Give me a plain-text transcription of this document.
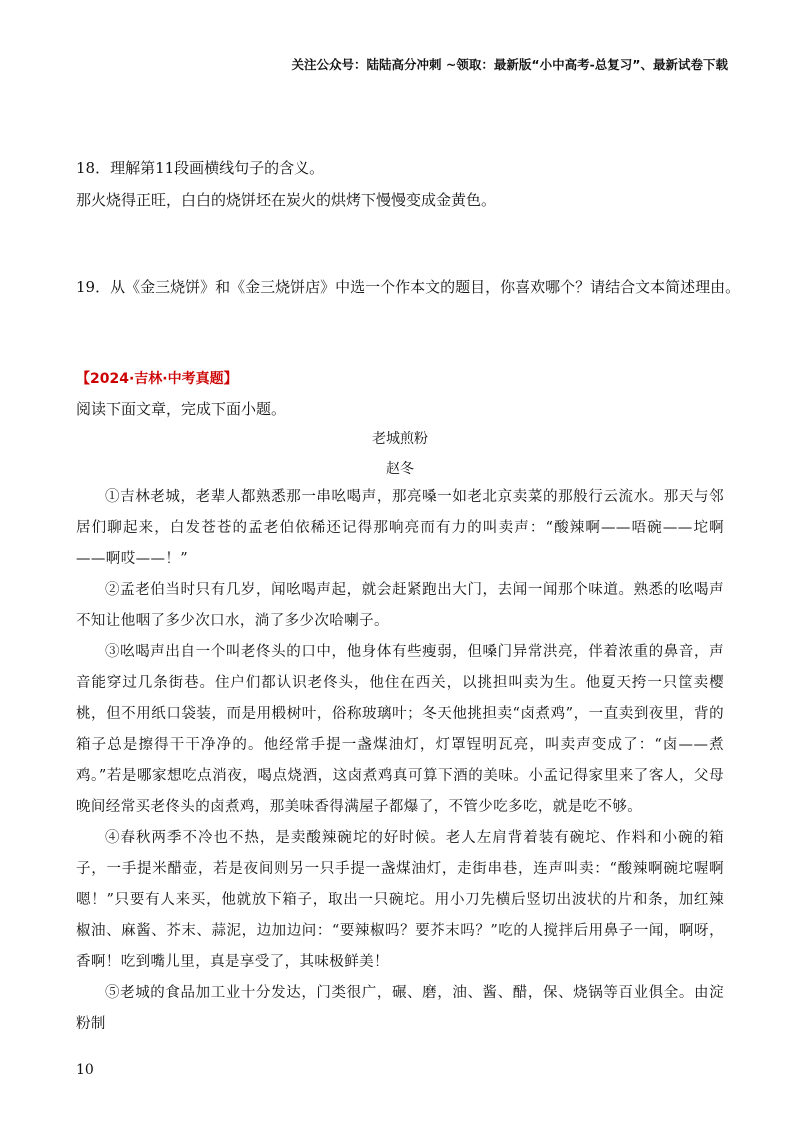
关注公众号：陆陆高分冲刺 ~领取：最新版“小中高考-总复习”、最新试卷下载
18．理解第11段画横线句子的含义。
那火烧得正旺，白白的烧饼坯在炭火的烘烤下慢慢变成金黄色。
19．从《金三烧饼》和《金三烧饼店》中选一个作本文的题目，你喜欢哪个？请结合文本简述理由。
【2024·吉林·中考真题】
阅读下面文章，完成下面小题。
老城煎粉
赵冬

①吉林老城，老辈人都熟悉那一串吆喝声，那亮嗓一如老北京卖菜的那般行云流水。那天与邻居们聊起来，白发苍苍的孟老伯依稀还记得那响亮而有力的叫卖声：“酸辣啊——唔碗——坨啊——啊哎——！”

②孟老伯当时只有几岁，闻吆喝声起，就会赶紧跑出大门，去闻一闻那个味道。熟悉的吆喝声不知让他咽了多少次口水，淌了多少次哈喇子。

③吆喝声出自一个叫老佟头的口中，他身体有些瘦弱，但嗓门异常洪亮，伴着浓重的鼻音，声音能穿过几条街巷。住户们都认识老佟头，他住在西关，以挑担叫卖为生。他夏天挎一只筐卖樱桃，但不用纸口袋装，而是用椴树叶，俗称玻璃叶；冬天他挑担卖“卤煮鸡”，一直卖到夜里，背的箱子总是擦得干干净净的。他经常手提一盏煤油灯，灯罩锃明瓦亮，叫卖声变成了：“卤——煮鸡。”若是哪家想吃点消夜，喝点烧酒，这卤煮鸡真可算下酒的美味。小孟记得家里来了客人，父母晚间经常买老佟头的卤煮鸡，那美味香得满屋子都爆了，不管少吃多吃，就是吃不够。

④春秋两季不冷也不热，是卖酸辣碗坨的好时候。老人左肩背着装有碗坨、作料和小碗的箱子，一手提米醋壶，若是夜间则另一只手提一盏煤油灯，走街串巷，连声叫卖：“酸辣啊碗坨喔啊嗯！”只要有人来买，他就放下箱子，取出一只碗坨。用小刀先横后竖切出波状的片和条，加红辣椒油、麻酱、芥末、蒜泥，边加边问：“要辣椒吗？要芥末吗？”吃的人搅拌后用鼻子一闻，啊呀，香啊！吃到嘴儿里，真是享受了，其味极鲜美！

⑤老城的食品加工业十分发达，门类很广，碾、磨，油、酱、醋，保、烧锅等百业俱全。由淀粉制

10
